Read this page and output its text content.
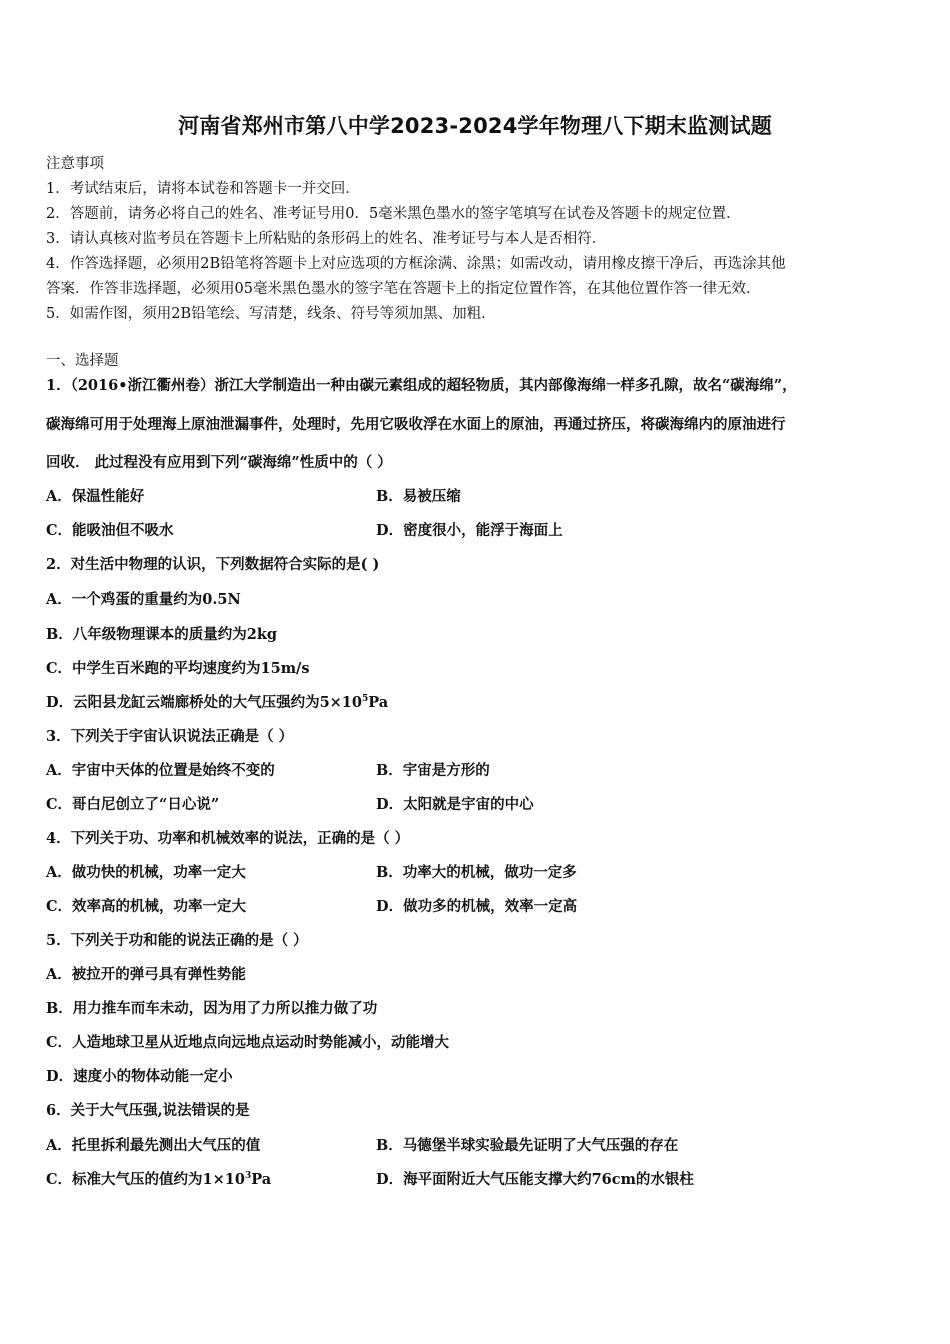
河南省郑州市第八中学2023-2024学年物理八下期末监测试题
注意事项
1．考试结束后，请将本试卷和答题卡一并交回．
2．答题前，请务必将自己的姓名、准考证号用0．5毫米黑色墨水的签字笔填写在试卷及答题卡的规定位置．
3．请认真核对监考员在答题卡上所粘贴的条形码上的姓名、准考证号与本人是否相符．
4．作答选择题，必须用2B铅笔将答题卡上对应选项的方框涂满、涂黑；如需改动，请用橡皮擦干净后，再选涂其他
答案．作答非选择题，必须用05毫米黑色墨水的签字笔在答题卡上的指定位置作答，在其他位置作答一律无效．
5．如需作图，须用2B铅笔绘、写清楚，线条、符号等须加黑、加粗．
一、选择题
1．（2016•浙江衢州卷）浙江大学制造出一种由碳元素组成的超轻物质，其内部像海绵一样多孔隙，故名“碳海绵”，
碳海绵可用于处理海上原油泄漏事件，处理时，先用它吸收浮在水面上的原油，再通过挤压，将碳海绵内的原油进行
回收． 此过程没有应用到下列“碳海绵”性质中的（ ）
A．保温性能好	B．易被压缩
C．能吸油但不吸水	D．密度很小，能浮于海面上
2．对生活中物理的认识，下列数据符合实际的是( )
A．一个鸡蛋的重量约为0.5N
B．八年级物理课本的质量约为2kg
C．中学生百米跑的平均速度约为15m/s
D．云阳县龙缸云端廊桥处的大气压强约为$5\times 10^5Pa$
3．下列关于宇宙认识说法正确是（ ）
A．宇宙中天体的位置是始终不变的	B．宇宙是方形的
C．哥白尼创立了“日心说”	D．太阳就是宇宙的中心
4．下列关于功、功率和机械效率的说法，正确的是（ ）
A．做功快的机械，功率一定大	B．功率大的机械，做功一定多
C．效率高的机械，功率一定大	D．做功多的机械，效率一定高
5．下列关于功和能的说法正确的是（ ）
A．被拉开的弹弓具有弹性势能
B．用力推车而车未动，因为用了力所以推力做了功
C．人造地球卫星从近地点向远地点运动时势能减小，动能增大
D．速度小的物体动能一定小
6．关于大气压强,说法错误的是
A．托里拆利最先测出大气压的值	B．马德堡半球实验最先证明了大气压强的存在
C．标准大气压的值约为$1\times 10^3Pa$	D．海平面附近大气压能支撑大约76cm的水银柱
